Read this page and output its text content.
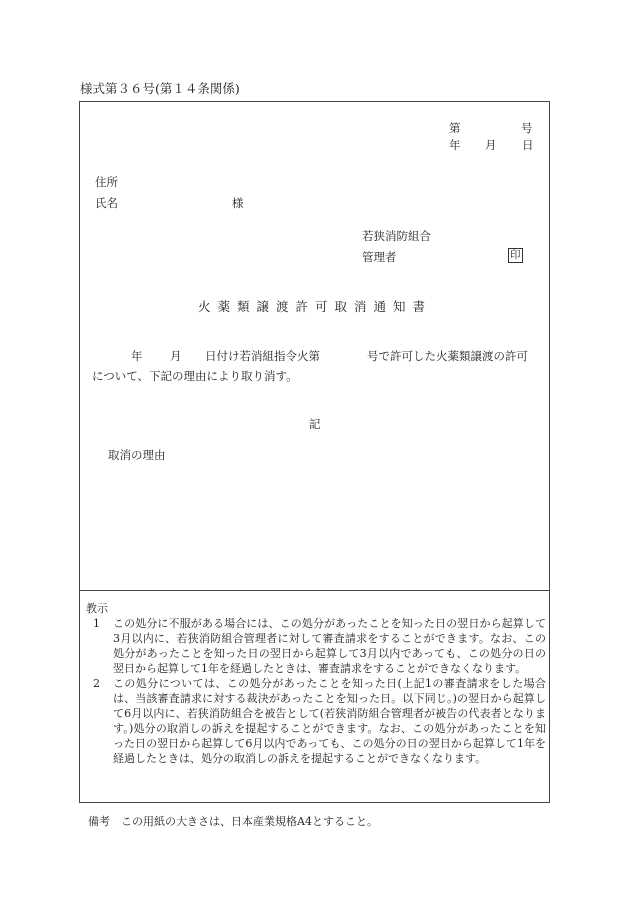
様式第３６号(第１４条関係)
第	号
年 月 日
住所
氏名	様
若狭消防組合
管理者	印
火薬類譲渡許可取消通知書
年 月 日付け若消組指令火第	号で許可した火薬類譲渡の許可
について、下記の理由により取り消す。
記
取消の理由
教示
1	この処分に不服がある場合には、この処分があったことを知った日の翌日から起算して3月以内に、若狭消防組合管理者に対して審査請求をすることができます。なお、この処分があったことを知った日の翌日から起算して3月以内であっても、この処分の日の翌日から起算して1年を経過したときは、審査請求をすることができなくなります。
2	この処分については、この処分があったことを知った日(上記1の審査請求をした場合は、当該審査請求に対する裁決があったことを知った日。以下同じ。)の翌日から起算して6月以内に、若狭消防組合を被告として(若狭消防組合管理者が被告の代表者となります。)処分の取消しの訴えを提起することができます。なお、この処分があったことを知った日の翌日から起算して6月以内であっても、この処分の日の翌日から起算して1年を経過したときは、処分の取消しの訴えを提起することができなくなります。
備考　この用紙の大きさは、日本産業規格A4とすること。
